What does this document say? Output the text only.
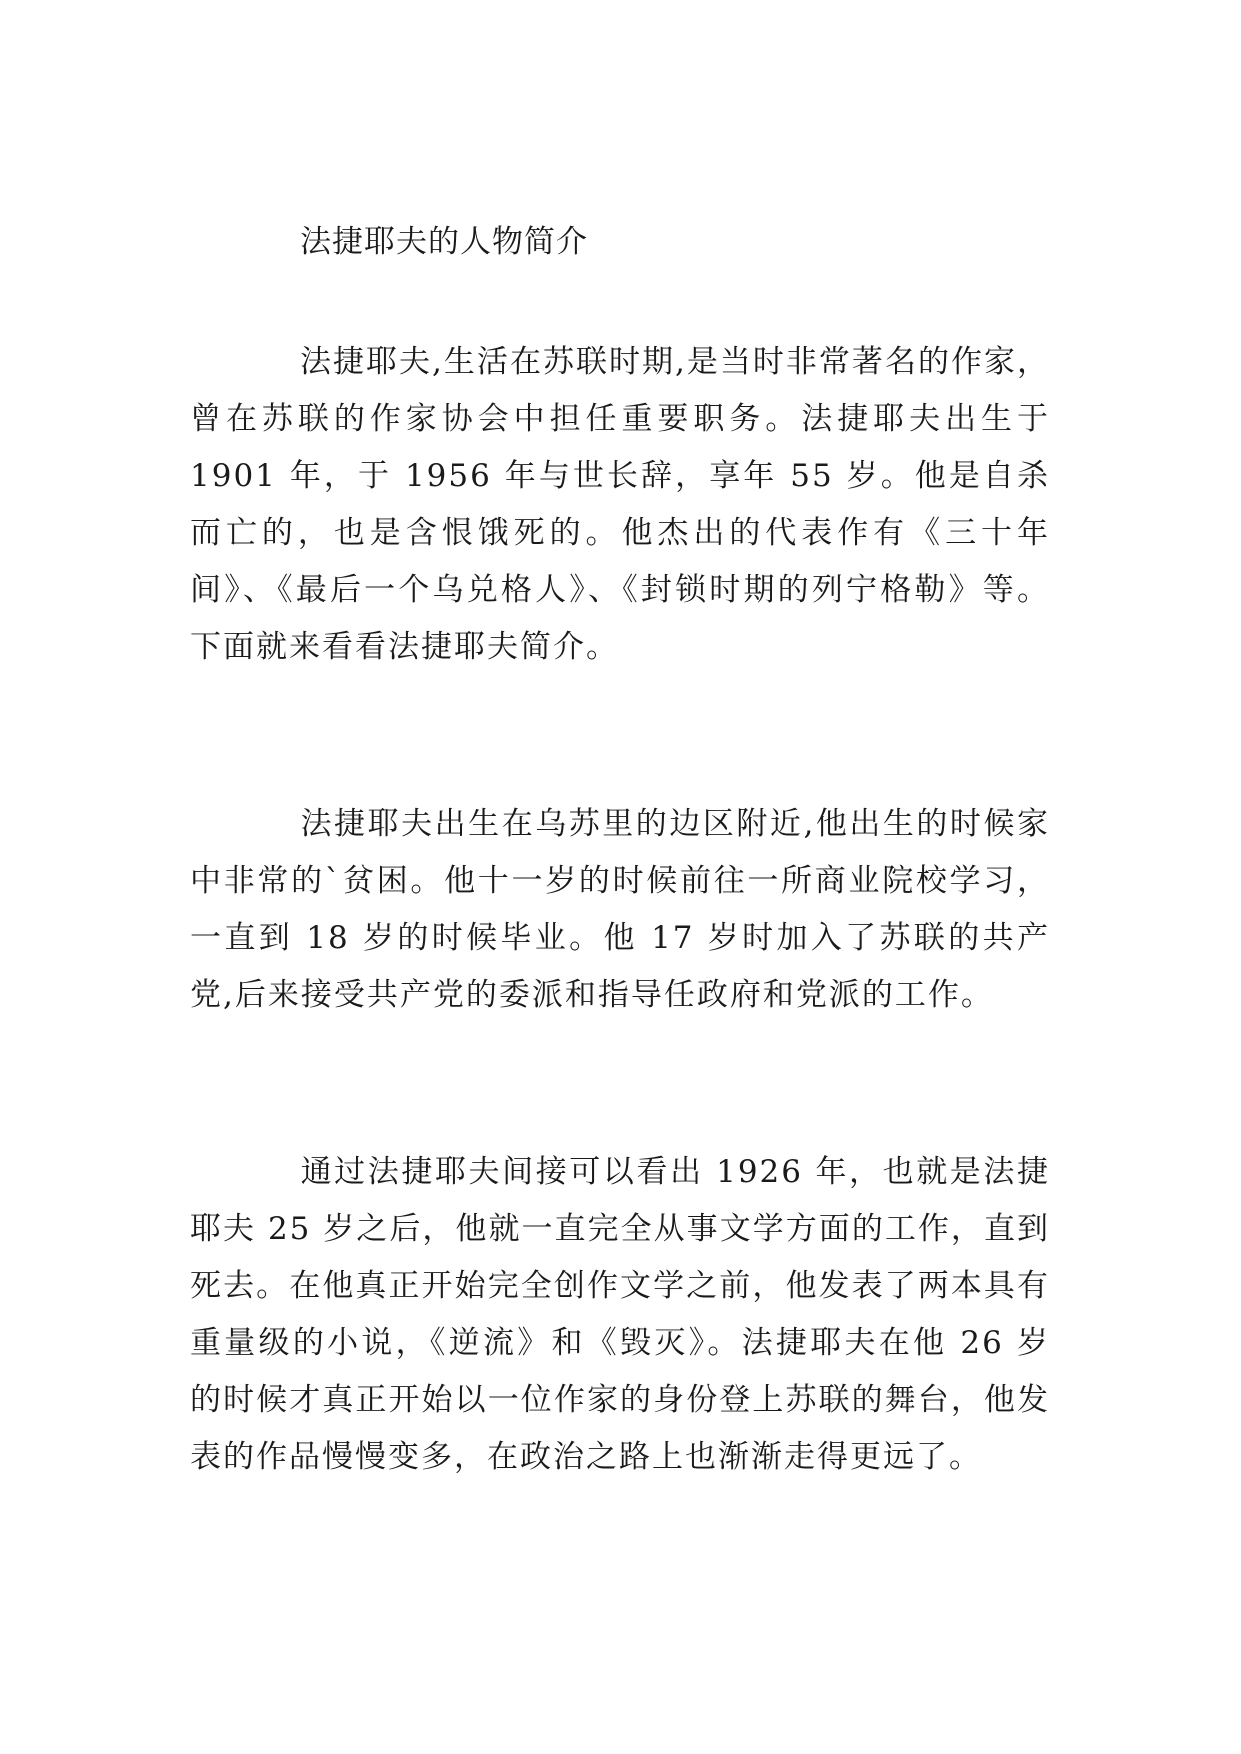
法捷耶夫的人物简介

法捷耶夫,生活在苏联时期,是当时非常著名的作家，曾在苏联的作家协会中担任重要职务。法捷耶夫出生于 1901 年，于 1956 年与世长辞，享年 55 岁。他是自杀而亡的，也是含恨饿死的。他杰出的代表作有《三十年间》、《最后一个乌兑格人》、《封锁时期的列宁格勒》等。下面就来看看法捷耶夫简介。

法捷耶夫出生在乌苏里的边区附近,他出生的时候家中非常的`贫困。他十一岁的时候前往一所商业院校学习，一直到 18 岁的时候毕业。他 17 岁时加入了苏联的共产党,后来接受共产党的委派和指导任政府和党派的工作。

通过法捷耶夫间接可以看出 1926 年，也就是法捷耶夫 25 岁之后，他就一直完全从事文学方面的工作，直到死去。在他真正开始完全创作文学之前，他发表了两本具有重量级的小说，《逆流》和《毁灭》。法捷耶夫在他 26 岁的时候才真正开始以一位作家的身份登上苏联的舞台，他发表的作品慢慢变多，在政治之路上也渐渐走得更远了。
